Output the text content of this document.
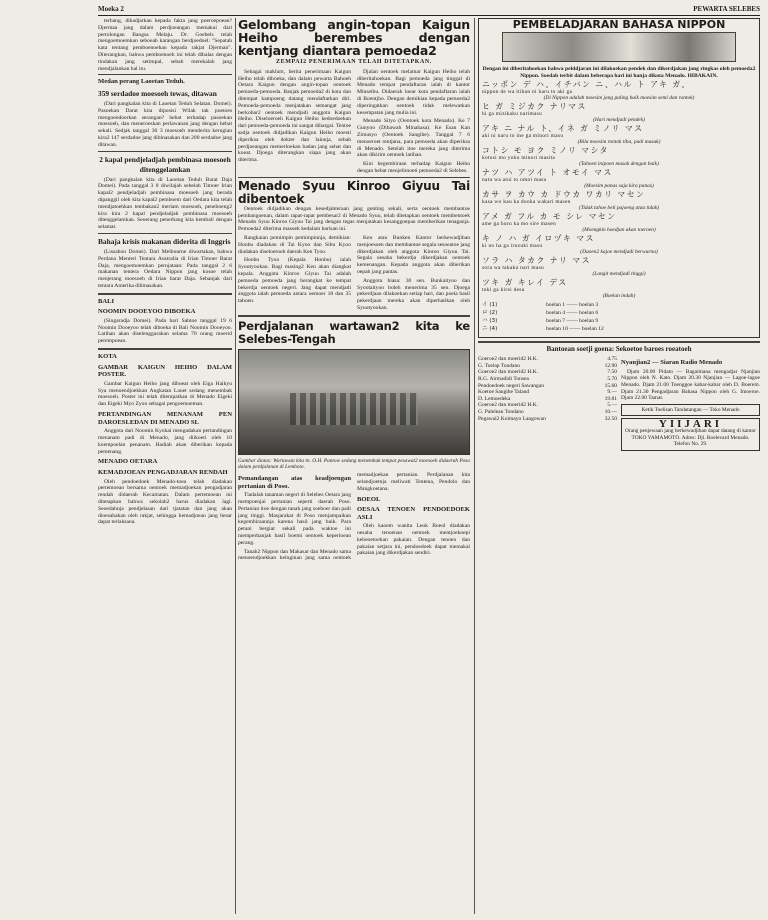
Moeka 2	PEWARTA SELEBES

terbang, dihadjarkan kepada fakta jang poeroepoean? Djermaa jang dalam perdjoeangan memakai dari pertolongan Bangsa Melaju. Dr. Goebels telah mengoemoemkan seboeah karangan berdjoedoel: "Sepatah kata tentang pemboenoehan kepada rakjat Djerman". Diterangkan, bahwa pemboenoeh ini telah dibalas dengan tindakan jang setimpal, sebab merekalah jang mendjalankan hal itu.

Medan perang Laoetan Teduh.
359 serdadoe moesoeh tewas, ditawan

(Dari pangkalan kita di Laoetan Teduh Selatan. Domei). Pasoekan Darat kita diposisi Wilak tak poetoes mengoendoerkan serangan? hebat terhadap pasoekan moesoeh, dan meneroeskan perlawanan jang dengan hebat sekali. Sedjak tanggal 30 3 moesoeh menderita kerugian kira2 147 serdadoe jang dibinasakan dan 200 serdadoe jang ditawan.

2 kapal pendjeladjah pembinasa moesoeh ditenggelamkan

(Dari pangkalan kita di Laoetan Teduh Barat Daja Domei). Pada tanggal 3 8 diwilajah sebelah Timoer Irian kapal2 pendjeladjah pembinasa moesoeh jang berada dipanggil oleh kita kapal2 pemboem dari Oedara kita telah mendjatoehkan tembakan2 meriam moesoeh, peneboeng2 kira kira 2 kapal pendjeladjah pembinasa moesoeh ditenggelamkan. Seoerang penerbang kita kembali dengan selamat.

Bahaja krisis makanan diderita di Inggris

(Lissabon Domei). Dari Melbourne diwartakan, bahwa Perdana Menteri Tentara Australia di Irian Timoer Barat Daja, mengoemoemkan pernjataan: Pada tanggal 2 6 makanan tentera Oedara Nippon jang kosoe telah menjerang moesoeh di Irian barat Daja. Sebanjak dari tentara Amerika dibinasakan.

BALI
NOOMIN DOOEYOO DIBOEKA

(Singaradja Domei). Pada hari Sabtoe tanggal 19 6 Noomin Dooeyoo telah diboeka di Bali Noomin Dooeyoo. Latihan akan diselenggarakan selama 70 orang moerid perempoean.

KOTA
GAMBAR KAIGUN HEIHO DALAM POSTER.

Gambar Kaigun Heiho jang diboeat oleh Eiga Haikyu Sya menoendjoekkan Angkatan Laoet sedang menembak moesoeh. Poster ini telah ditempatkan di Menado Eigeki dan Eigeki Myo Zyoo sebagai pengoemoeman.

PERTANDINGAN MENANAM PEN DAROESLEDAN DI MENADO SL

Anggota dari Noomin Kyokai mengadakan pertandingan menanam padi di Menado, jang diikoeti oleh 10 koempoelan penanam. Hadiah akan diberikan kepada pemenang.

MENADO OETARA
KEMADJOEAN PENGADJARAN RENDAH

Oleh pendoedoek Menado-toea telah diadakan pertemoean bersama oentoek memadjoekan pengadjaran rendah didaerah Kecamatan. Dalam pertemoean ini ditetapkan bahwa sekolah2 harus diadakan lagi. Seoedahnja pendjelasan dari tjatatan dan jang akan dioesahakan oleh rakjat, sehingga kemadjoean jang besar dapat terlaksana.

Gelombang angin-topan Kaigun Heiho berembes dengan kentjang diantara pemoeda2
ZEMPAI2 PENERIMAAN TELAH DITETAPKAN.

Sebagai maklum, berita penerimaan Kaigun Heiho telah diboeka, dan dalam pewarta Bahoeh Oetara Kaigun dengan angin-topan oentoek pemoeda-pemoeda. Banjak pemoeda2 di kota dan ditempat kampoeng datang mendaftarkan diri. Pemoeda-pemoeda menjatakan semangat jang berkobar2 oentoek mendjadi anggota Kaigun Heiho. Diseloeroeh Kaigun Heiho kedoedoekan dari pemoeda-pemoeda ini sangat dihargai. Tentoe sadja oentoek didjadikan Kaigun Heiho moesti diperiksa oleh dokter dan lainnja, sebab perdjoeangan memerloekan badan jang sehat dan koeat. Djoega diterangkan siapa jang akan diterima.

Djalan oentoek melamar Kaigun Heiho telah diberitahoekan. Bagi pemoeda jang tinggal di Menado tempat pendaftaran ialah di kantor Minseibu. Didaerah loear kota pendaftaran ialah di Boentjho. Dengan demikian kepada pemoeda2 diperingatkan oentoek tidak melewatkan kesempatan jang mulia ini.

Menado Sityo (Oentoek kota Menado). Ke 7 Gunyoo (Dibawah Minahasa). Ke Esan Kan Zimusyo (Oentoek Sangihe). Tanggal 7 6 menoeroet rentjana, para pemoeda akan diperiksa di Menado. Setelah itoe mereka jang diterima akan dikirim oentoek latihan.

Kini kegembiraan terhadap Kaigun Heiho dengan hebat menjelimoeti pemoeda2 di Selebes.

Menado Syuu Kinroo Giyuu Tai dibentoek

Oentoek didjadikan dengan kesedjahteraan jang genting sekali, serta oentoek membantoe pembangoenan, dalam rapat-rapat pembesar2 di Menado Syuu, telah ditetapkan oentoek membentoek Menado Syuu Kinroo Giyuu Tai jang dengan tegas menjatakan kesanggoepan memberikan tenaganja. Pemoeda2 diterima masoek kedalam barisan ini.

Rangkaian pemimpin pemimpinnja, demikian: Honbu diadakan di Tai Kyoo dan Sibu Kyoo diadakan diseloeroeh daerah Ken Tyoo.

Honbu Tyoo (Kepala Honbu) ialah Syuutyookan. Bagi masing2 Ken akan diangkat kepala. Anggota Kinroo Giyuu Tai adalah pemoeda pemoeda jang berangkat ke tempat bekerdja oentoek negeri. Jang dapat mendjadi anggota ialah pemoeda antara oemoer 18 dan 35 tahoen.

Ken atau Bunken Kantor berkewadjiban menjoesoen dan membantoe segala sesoeatoe jang dikerdjakan oleh anggota Kinroo Giyuu Tai. Segala oesaha bekerdja dikerdjakan oentoek kemenangan. Kepada anggota akan diberikan oepah jang pantas.

Anggota biasa: 30 sen. Bunkaityoo dan Syootaityoo boleh menerima 35 sen. Djoega pekerdjaan dilakoekan setiap hari, dan poela hasil pekerdjaan mereka akan diperhatikan oleh Syuutyookan.

Perdjalanan wartawan2 kita ke Selebes-Tengah
Gambar diatas: Wartawan kita tn. O.H. Pantow sedang menembak tempat pesawat2 moesoeh didaerah Poso dalam perdjalanan di Lemboto.
Pemandangan atas keadjoengan pertanian di Poso.

Tiadalah tanaman negeri di Selebes Oetara jang mempoenjai pertanian seperti daerah Poso. Pertanian itoe dengan tanah jang soeboer dan padi jang tinggi. Masjarakat di Poso menjampaikan kegembiraannja karena hasil jang baik. Para petani bergiat sekali pada waktoe ini memperbanjak hasil boemi oentoek keperloean perang.

Tanah2 Nippon dan Makasar dan Menado sama menoendjoekkan keinginan jang sama oentoek memadjoekan pertanian. Perdjalanan kita selandjoetnja meliwati Tentena, Pendolo dan Mangkoetana.

BOEOL
OESAA TENOEN PENDOEDOEK ASLI

Oleh kaoem wanita Leok Boeol diadakan oesaha tenoenan oentoek mentjoekoepi kebeoetoehan pakaian. Dengan tenoen dan pakaian setjara ini, pendoedoek dapat memakai pakaian jang dikerdjakan sendiri.

PEMBELADJARAN BAHASA NIPPON

Dengan ini diberitahoekan bahwa pelddjaran ini dilakoekan pendek dan dikerdjakan jang ringkas oleh pemoeda2 Nippon. Soedah terbit dalam beberapa hari ini hanja dikota Menado. HIBAKAIN.

ニッポン デ ハ、イチバン ニ、ハル ト アキ ガ、
nippon de wa itiban ni haru to aki ga
(Di Nippon adalah moesim jang paling baik moesim semi dan rontok)
ヒ ガ ミジカク ナリマス
hi ga mizikaku narimasu
(Hari mendjadi pendek)
アキ ニ ナル ト、イネ ガ ミノリ マス
aki ni naru to ine ga minori masu
(Bila moesim rontok tiba, padi masak)
コトシ モ ヨク ミノリ マシタ
kotosi mo yoku minori masita
(Tahoen inipoen masak dengan baik)
ナツ ハ アツイ ト オモイ マス
natu wa atui to omoi masu
(Moesim panas saja kira panas)
カサ ヲ カウ カ ドウカ ワカリ マセン
kasa wo kau ka dooka wakari masen
(Tidak tahoe beli pajoeng atau tidak)
アメ ガ フル カ モ シレ マセン
ame ga huru ka mo sire masen
(Moengkin hoedjan akan toeroen)
キ ノ ハ ガ イロヅキ マス
ki no ha ga irozuki masu
(Daoen2 kajoe mendjadi berwarna)
ソラ ハ タカク ナリ マス
sora wa takaku nari masu
(Langit mendjadi tinggi)
ツキ ガ キレイ デス
tuki ga kirei desu
(Boelan indah)
イ (1)	boelan 1 —— boelan 3
ロ (2)	boelan 4 —— boelan 6
ハ (3)	boelan 7 —— boelan 9
ニ (4)	boelan 10 —— boelan 12
Bantoean soetji goena: Sekoetoe baroes roeatoeh
Goeroe2 dan moerid2 H.K.	4.75
G. Toelap Tondano	12.90
Goeroe2 dan moerid2 H.K.	7.50
R.G. Airmadidi Tonsea	5.70
Pendoedoek negeri Sawangan	15.60
Koetoe Sangihe Talaud	9.—
D. Lemoedeka	19.81
Goeroe2 dan moerid2 H.K.	5.—
G. Palelean Tondano	10.—
Pegawai2 Koimayo Langowan	32.50
Nyanjian2 — Siaran Radio Menado

Djam 20.00 Pidato — Bagaimana mengadjar Njanjian Nippon oleh N. Kato. Djam 20.30 Njanjian — Lagoe-lagoe Menado. Djam 21.00 Toenggoe kabar-kabar oleh D. Boerem. Djam 21.30 Pengadjaran Bahasa Nippon oleh G. Imoeroe. Djam 22.00 Tamat.

Ketik Toelisan Tandatangan — Toko Menado
YIIJARI
Orang penjewaan jang berkewadjiban dapat datang di kantor TOKO YAMAMOTO. Adres: Djl. Boelevard Menado. Telefon No. 29.
